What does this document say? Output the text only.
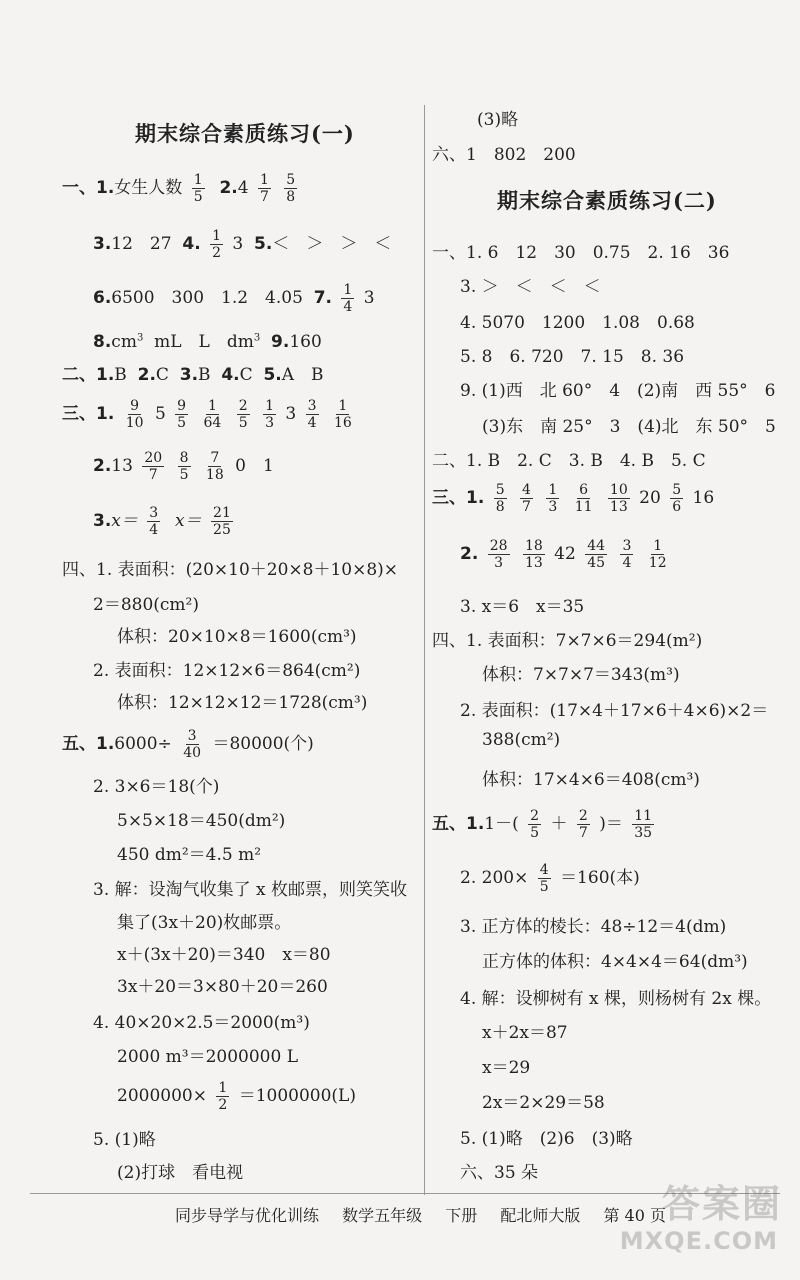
期末综合素质练习(一)
一、1.女生人数 $\frac{1}{5} 2.4 \frac{1}{7}$
$\frac{5}{8}$
3.12　27 4. $\frac{1}{2} 3$ 5.＜　＞　＞　＜
6.6500　300　1.2　4.05 7. $\frac{1}{4} 3$
$8.cm^3$ mL　L　$dm^3$ 9.160
二、1.B 2.C 3.B 4.C 5.A　B
三、1. $\frac{9}{10} 5 \frac{9}{5}$
$\frac{1}{64}$
$\frac{2}{5}$
$\frac{1}{3} 3 \frac{3}{4}$
$\frac{1}{16}$
$2.13 \frac{20}{7}$
$\frac{8}{5}$
$\frac{7}{18} 0$　1
$3.x= \frac{3}{4} x= \frac{21}{25}$
四、1. 表面积：(20×10＋20×8＋10×8)×
2＝880(cm²)
体积：20×10×8＝1600(cm³)
2. 表面积：12×12×6＝864(cm²)
体积：12×12×12＝1728(cm³)
五、$1.6000\div \frac{3}{40} =80000$(个)
2. 3×6＝18(个)
5×5×18＝450(dm²)
450 dm²＝4.5 m²
3. 解：设淘气收集了 x 枚邮票，则笑笑收
集了(3x＋20)枚邮票。
x＋(3x＋20)＝340　x＝80
3x＋20＝3×80＋20＝260
4. 40×20×2.5＝2000(m³)
2000 m³＝2000000 L
$2000000\times \frac{1}{2} =1000000(L)$
5. (1)略
(2)打球　看电视
(3)略
六、1　802　200
期末综合素质练习(二)
一、1. 6　12　30　0.75　2. 16　36
3. ＞　＜　＜　＜
4. 5070　1200　1.08　0.68
5. 8　6. 720　7. 15　8. 36
9. (1)西　北 60°　4　(2)南　西 55°　6
(3)东　南 25°　3　(4)北　东 50°　5
二、1. B　2. C　3. B　4. B　5. C
三、1. $\frac{5}{8}$
$\frac{4}{7}$
$\frac{1}{3}$
$\frac{6}{11}$
$\frac{10}{13} 20 \frac{5}{6} 16$
2. $\frac{28}{3}$
$\frac{18}{13} 42 \frac{44}{45}$
$\frac{3}{4}$
$\frac{1}{12}$
3. x＝6　x＝35
四、1. 表面积：7×7×6＝294(m²)
体积：7×7×7＝343(m³)
2. 表面积：(17×4＋17×6＋4×6)×2＝
388(cm²)
体积：17×4×6＝408(cm³)
五、$1.1-( \frac{2}{5} + \frac{2}{7}$ )＝ $\frac{11}{35}$
2. $200\times \frac{4}{5} =160$(本)
3. 正方体的棱长：48÷12＝4(dm)
正方体的体积：4×4×4＝64(dm³)
4. 解：设柳树有 x 棵，则杨树有 2x 棵。
x＋2x＝87
x＝29
2x＝2×29＝58
5. (1)略　(2)6　(3)略
六、35 朵
同步导学与优化训练 数学五年级 下册 配北师大版 第 40 页
答案圈
MXQE.COM
